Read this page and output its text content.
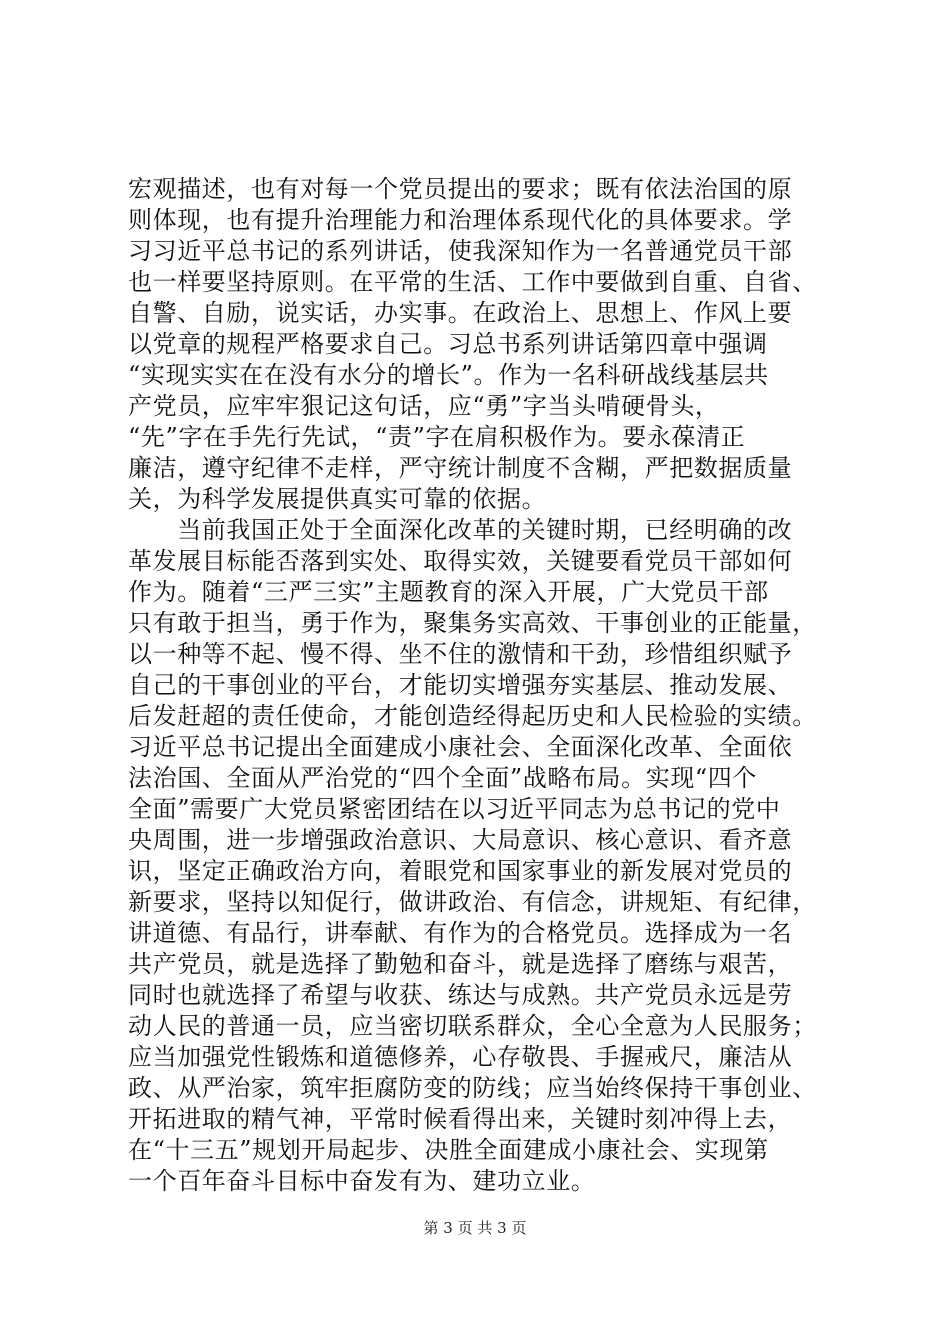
宏观描述，也有对每一个党员提出的要求；既有依法治国的原
则体现，也有提升治理能力和治理体系现代化的具体要求。学
习习近平总书记的系列讲话，使我深知作为一名普通党员干部
也一样要坚持原则。在平常的生活、工作中要做到自重、自省、
自警、自励，说实话，办实事。在政治上、思想上、作风上要
以党章的规程严格要求自己。习总书系列讲话第四章中强调
“实现实实在在没有水分的增长”。作为一名科研战线基层共
产党员，应牢牢狠记这句话，应“勇”字当头啃硬骨头，
“先”字在手先行先试，“责”字在肩积极作为。要永葆清正
廉洁，遵守纪律不走样，严守统计制度不含糊，严把数据质量
关，为科学发展提供真实可靠的依据。
　　当前我国正处于全面深化改革的关键时期，已经明确的改
革发展目标能否落到实处、取得实效，关键要看党员干部如何
作为。随着“三严三实”主题教育的深入开展，广大党员干部
只有敢于担当，勇于作为，聚集务实高效、干事创业的正能量，
以一种等不起、慢不得、坐不住的激情和干劲，珍惜组织赋予
自己的干事创业的平台，才能切实增强夯实基层、推动发展、
后发赶超的责任使命，才能创造经得起历史和人民检验的实绩。
习近平总书记提出全面建成小康社会、全面深化改革、全面依
法治国、全面从严治党的“四个全面”战略布局。实现“四个
全面”需要广大党员紧密团结在以习近平同志为总书记的党中
央周围，进一步增强政治意识、大局意识、核心意识、看齐意
识，坚定正确政治方向，着眼党和国家事业的新发展对党员的
新要求，坚持以知促行，做讲政治、有信念，讲规矩、有纪律，
讲道德、有品行，讲奉献、有作为的合格党员。选择成为一名
共产党员，就是选择了勤勉和奋斗，就是选择了磨练与艰苦，
同时也就选择了希望与收获、练达与成熟。共产党员永远是劳
动人民的普通一员，应当密切联系群众，全心全意为人民服务；
应当加强党性锻炼和道德修养，心存敬畏、手握戒尺，廉洁从
政、从严治家，筑牢拒腐防变的防线；应当始终保持干事创业、
开拓进取的精气神，平常时候看得出来，关键时刻冲得上去，
在“十三五”规划开局起步、决胜全面建成小康社会、实现第
一个百年奋斗目标中奋发有为、建功立业。
第 3 页 共 3 页
